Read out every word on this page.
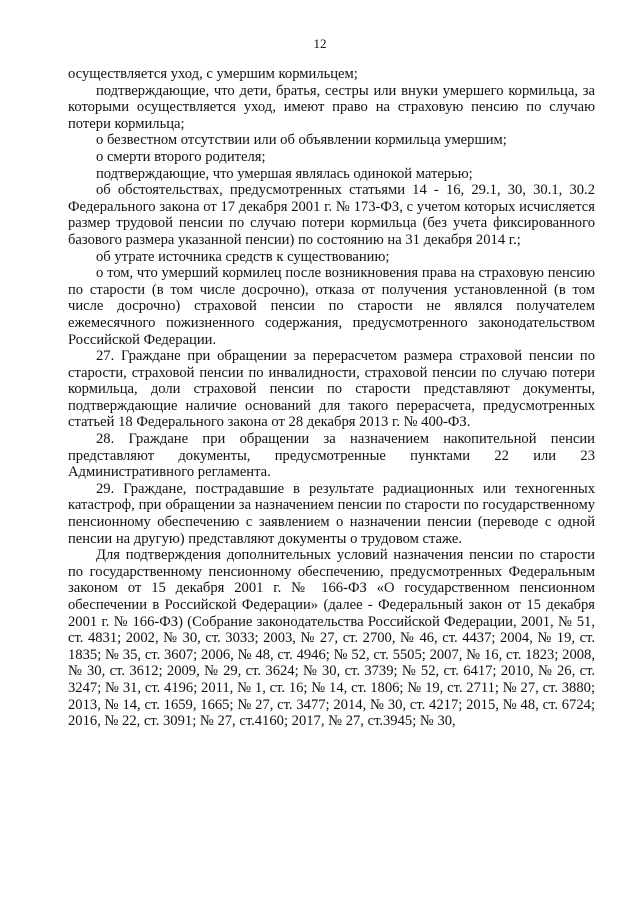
12

осуществляется уход, с умершим кормильцем;

подтверждающие, что дети, братья, сестры или внуки умершего кормильца, за которыми осуществляется уход, имеют право на страховую пенсию по случаю потери кормильца;

о безвестном отсутствии или об объявлении кормильца умершим;

о смерти второго родителя;

подтверждающие, что умершая являлась одинокой матерью;

об обстоятельствах, предусмотренных статьями 14 - 16, 29.1, 30, 30.1, 30.2 Федерального закона от 17 декабря 2001 г. № 173-ФЗ, с учетом которых исчисляется размер трудовой пенсии по случаю потери кормильца (без учета фиксированного базового размера указанной пенсии) по состоянию на 31 декабря 2014 г.;

об утрате источника средств к существованию;

о том, что умерший кормилец после возникновения права на страховую пенсию по старости (в том числе досрочно), отказа от получения установленной (в том числе досрочно) страховой пенсии по старости не являлся получателем ежемесячного пожизненного содержания, предусмотренного законодательством Российской Федерации.

27. Граждане при обращении за перерасчетом размера страховой пенсии по старости, страховой пенсии по инвалидности, страховой пенсии по случаю потери кормильца, доли страховой пенсии по старости представляют документы, подтверждающие наличие оснований для такого перерасчета, предусмотренных статьей 18 Федерального закона от 28 декабря 2013 г. № 400-ФЗ.

28. Граждане при обращении за назначением накопительной пенсии представляют документы, предусмотренные пунктами 22 или 23 Административного регламента.

29. Граждане, пострадавшие в результате радиационных или техногенных катастроф, при обращении за назначением пенсии по старости по государственному пенсионному обеспечению с заявлением о назначении пенсии (переводе с одной пенсии на другую) представляют документы о трудовом стаже.

Для подтверждения дополнительных условий назначения пенсии по старости по государственному пенсионному обеспечению, предусмотренных Федеральным законом от 15 декабря 2001 г. № 166-ФЗ «О государственном пенсионном обеспечении в Российской Федерации» (далее - Федеральный закон от 15 декабря 2001 г. № 166-ФЗ) (Собрание законодательства Российской Федерации, 2001, № 51, ст. 4831; 2002, № 30, ст. 3033; 2003, № 27, ст. 2700, № 46, ст. 4437; 2004, № 19, ст. 1835; № 35, ст. 3607; 2006, № 48, ст. 4946; № 52, ст. 5505; 2007, № 16, ст. 1823; 2008, № 30, ст. 3612; 2009, № 29, ст. 3624; № 30, ст. 3739; № 52, ст. 6417; 2010, № 26, ст. 3247; № 31, ст. 4196; 2011, № 1, ст. 16; № 14, ст. 1806; № 19, ст. 2711; № 27, ст. 3880; 2013, № 14, ст. 1659, 1665; № 27, ст. 3477; 2014, № 30, ст. 4217; 2015, № 48, ст. 6724; 2016, № 22, ст. 3091; № 27, ст.4160; 2017, № 27, ст.3945; № 30,
